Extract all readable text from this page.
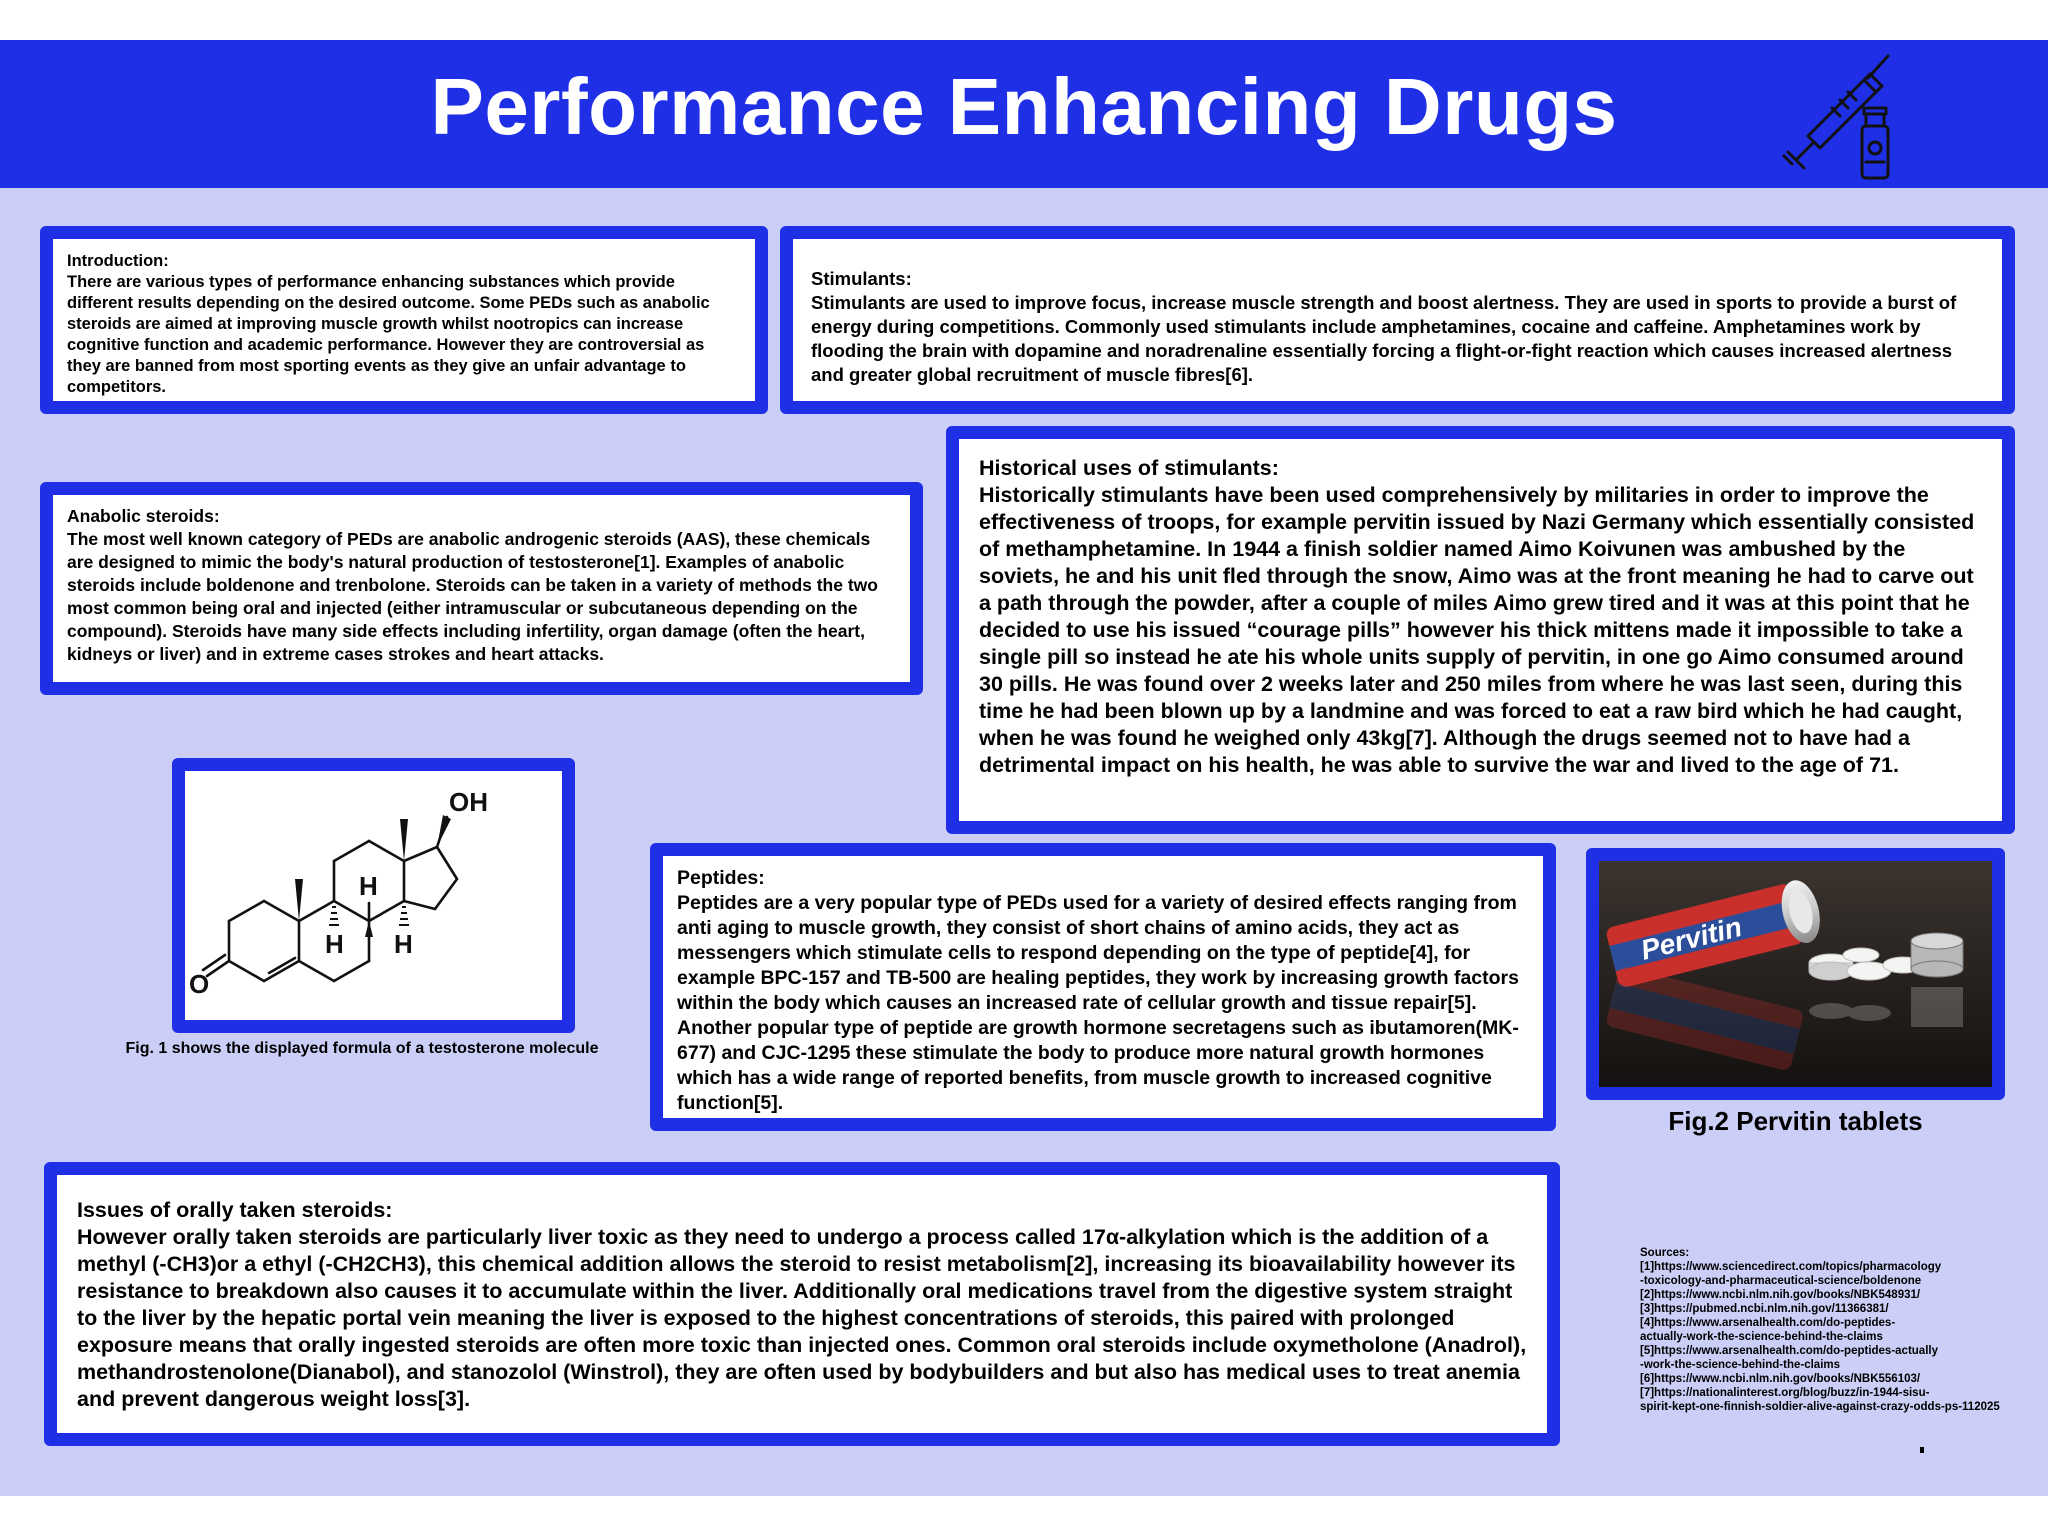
Performance Enhancing Drugs
Introduction:

There are various types of performance enhancing substances which provide different results depending on the desired outcome. Some PEDs such as anabolic steroids are aimed at improving muscle growth whilst nootropics can increase cognitive function and academic performance. However they are controversial as they are banned from most sporting events as they give an unfair advantage to competitors.

Stimulants:

Stimulants are used to improve focus, increase muscle strength and boost alertness. They are used in sports to provide a burst of energy during competitions. Commonly used stimulants include amphetamines, cocaine and caffeine. Amphetamines work by flooding the brain with dopamine and noradrenaline essentially forcing a flight-or-fight reaction which causes increased alertness and greater global recruitment of muscle fibres[6].

Historical uses of stimulants:

Historically stimulants have been used comprehensively by militaries in order to improve the effectiveness of troops, for example pervitin issued by Nazi Germany which essentially consisted of methamphetamine. In 1944 a finish soldier named Aimo Koivunen was ambushed by the soviets, he and his unit fled through the snow, Aimo was at the front meaning he had to carve out a path through the powder, after a couple of miles Aimo grew tired and it was at this point that he decided to use his issued “courage pills” however his thick mittens made it impossible to take a single pill so instead he ate his whole units supply of pervitin, in one go Aimo consumed around 30 pills. He was found over 2 weeks later and 250 miles from where he was last seen, during this time he had been blown up by a landmine and was forced to eat a raw bird which he had caught, when he was found he weighed only 43kg[7]. Although the drugs seemed not to have had a detrimental impact on his health, he was able to survive the war and lived to the age of 71.

Anabolic steroids:

The most well known category of PEDs are anabolic androgenic steroids (AAS), these chemicals are designed to mimic the body's natural production of testosterone[1]. Examples of anabolic steroids include boldenone and trenbolone. Steroids can be taken in a variety of methods the two most common being oral and injected (either intramuscular or subcutaneous depending on the compound). Steroids have many side effects including infertility, organ damage (often the heart, kidneys or liver) and in extreme cases strokes and heart attacks.

OH
O
H
H H
Fig. 1 shows the displayed formula of a testosterone molecule
Peptides:

Peptides are a very popular type of PEDs used for a variety of desired effects ranging from anti aging to muscle growth, they consist of short chains of amino acids, they act as messengers which stimulate cells to respond depending on the type of peptide[4], for example BPC-157 and TB-500 are healing peptides, they work by increasing growth factors within the body which causes an increased rate of cellular growth and tissue repair[5]. Another popular type of peptide are growth hormone secretagens such as ibutamoren(MK-677) and CJC-1295 these stimulate the body to produce more natural growth hormones which has a wide range of reported benefits, from muscle growth to increased cognitive function[5].

Pervitin
Fig.2 Pervitin tablets
Issues of orally taken steroids:

However orally taken steroids are particularly liver toxic as they need to undergo a process called 17α-alkylation which is the addition of a methyl (-CH3)or a ethyl (-CH2CH3), this chemical addition allows the steroid to resist metabolism[2], increasing its bioavailability however its resistance to breakdown also causes it to accumulate within the liver. Additionally oral medications travel from the digestive system straight to the liver by the hepatic portal vein meaning the liver is exposed to the highest concentrations of steroids, this paired with prolonged exposure means that orally ingested steroids are often more toxic than injected ones. Common oral steroids include oxymetholone (Anadrol), methandrostenolone(Dianabol), and stanozolol (Winstrol), they are often used by bodybuilders and but also has medical uses to treat anemia and prevent dangerous weight loss[3].

Sources:
[1]https://www.sciencedirect.com/topics/pharmacology
-toxicology-and-pharmaceutical-science/boldenone
[2]https://www.ncbi.nlm.nih.gov/books/NBK548931/
[3]https://pubmed.ncbi.nlm.nih.gov/11366381/
[4]https://www.arsenalhealth.com/do-peptides-
actually-work-the-science-behind-the-claims
[5]https://www.arsenalhealth.com/do-peptides-actually
-work-the-science-behind-the-claims
[6]https://www.ncbi.nlm.nih.gov/books/NBK556103/
[7]https://nationalinterest.org/blog/buzz/in-1944-sisu-
spirit-kept-one-finnish-soldier-alive-against-crazy-odds-ps-112025
